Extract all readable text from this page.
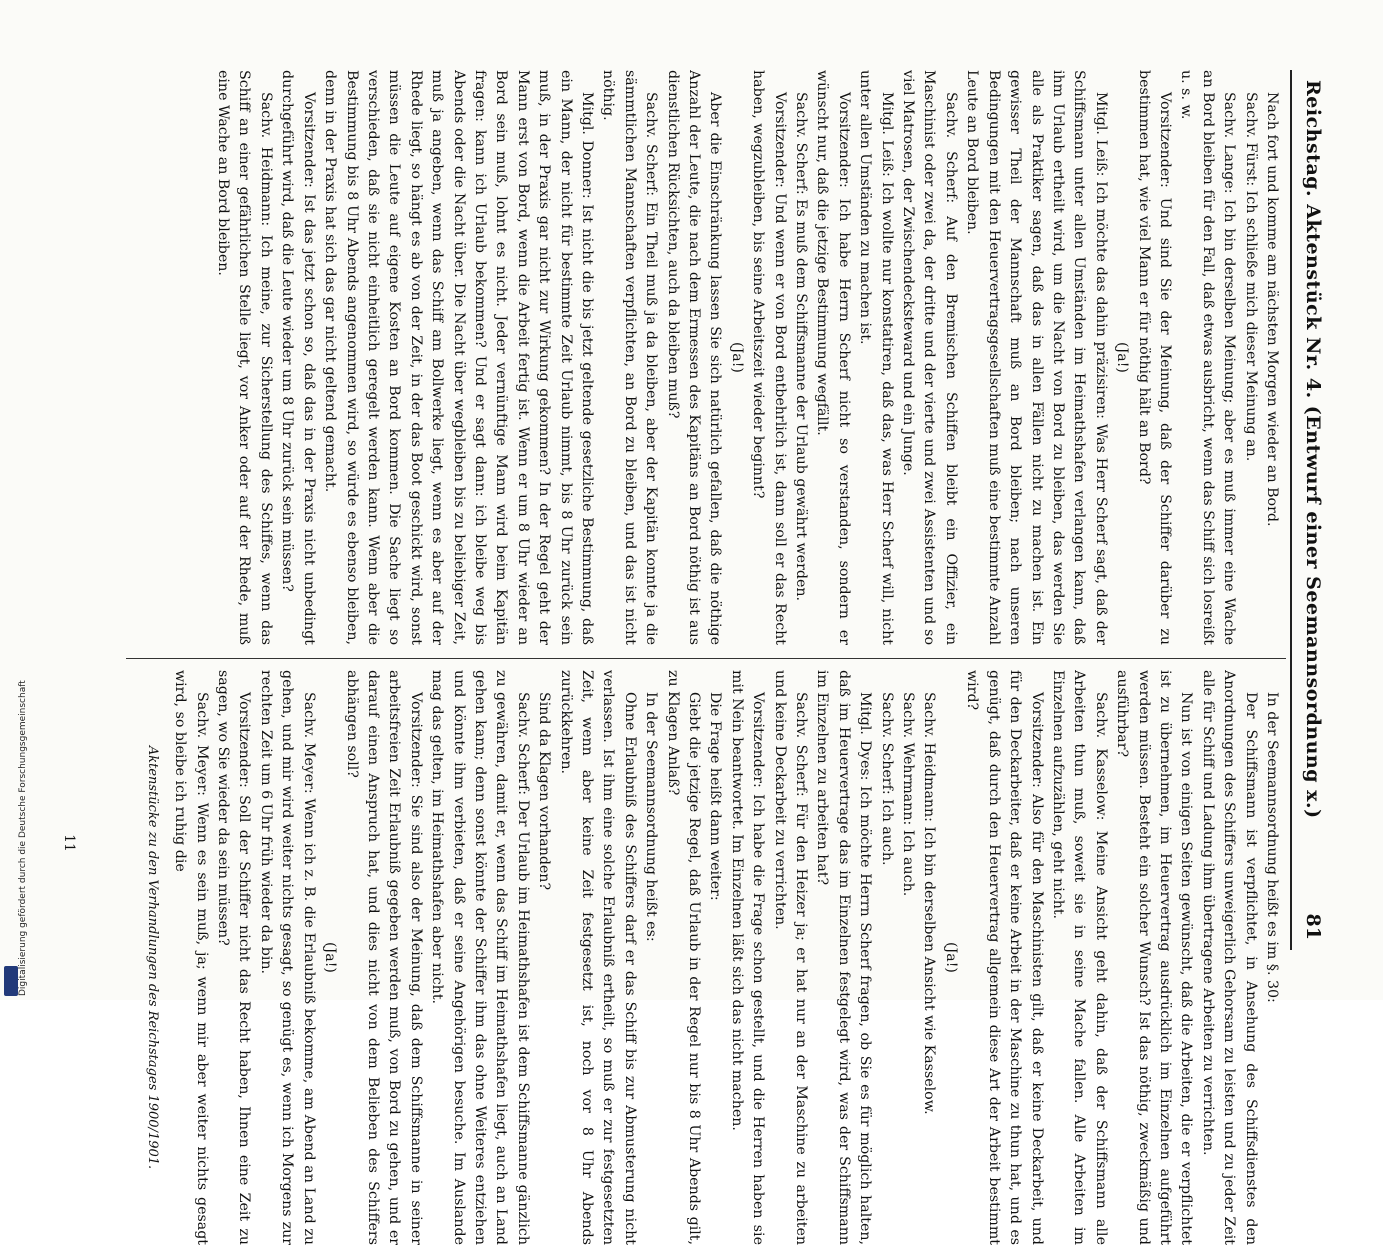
Digitalisierung gefördert durch die Deutsche Forschungsgemeinschaft
Reichstag. Aktenstück Nr. 4. (Entwurf einer Seemannsordnung x.)
81

Nach fort und komme am nächsten Morgen wieder an Bord.

Sachv. Fürst: Ich schließe mich dieser Meinung an.

Sachv. Lange: Ich bin derselben Meinung; aber es muß immer eine Wache an Bord bleiben für den Fall, daß etwas ausbricht, wenn das Schiff sich losreißt u. s. w.

Vorsitzender: Und sind Sie der Meinung, daß der Schiffer darüber zu bestimmen hat, wie viel Mann er für nöthig hält an Bord?

(Ja!)

Mitgl. Leiß: Ich möchte das dahin präzisiren: Was Herr Scherf sagt, daß der Schiffsmann unter allen Umständen im Heimathshafen verlangen kann, daß ihm Urlaub ertheilt wird, um die Nacht von Bord zu bleiben, das werden Sie alle als Praktiker sagen, daß das in allen Fällen nicht zu machen ist. Ein gewisser Theil der Mannschaft muß an Bord bleiben; nach unseren Bedingungen mit den Heuervertragsgesellschaften muß eine bestimmte Anzahl Leute an Bord bleiben.

Sachv. Scherf: Auf den Bremischen Schiffen bleibt ein Offizier, ein Maschinist oder zwei da, der dritte und der vierte und zwei Assistenten und so viel Matrosen, der Zwischendecksteward und ein Junge.

Mitgl. Leiß: Ich wollte nur konstatiren, daß das, was Herr Scherf will, nicht unter allen Umständen zu machen ist.

Vorsitzender: Ich habe Herrn Scherf nicht so verstanden, sondern er wünscht nur, daß die jetzige Bestimmung wegfällt.

Sachv. Scherf: Es muß dem Schiffsmanne der Urlaub gewährt werden.

Vorsitzender: Und wenn er von Bord entbehrlich ist, dann soll er das Recht haben, wegzubleiben, bis seine Arbeitszeit wieder beginnt?

(Ja!)

Aber die Einschränkung lassen Sie sich natürlich gefallen, daß die nöthige Anzahl der Leute, die nach dem Ermessen des Kapitäns an Bord nöthig ist aus dienstlichen Rücksichten, auch da bleiben muß?

Sachv. Scherf: Ein Theil muß ja da bleiben, aber der Kapitän konnte ja die sämmtlichen Mannschaften verpflichten, an Bord zu bleiben, und das ist nicht nöthig.

Mitgl. Donner: Ist nicht die bis jetzt geltende gesetzliche Bestimmung, daß ein Mann, der nicht für bestimmte Zeit Urlaub nimmt, bis 8 Uhr zurück sein muß, in der Praxis gar nicht zur Wirkung gekommen? In der Regel geht der Mann erst von Bord, wenn die Arbeit fertig ist. Wenn er um 8 Uhr wieder an Bord sein muß, lohnt es nicht. Jeder vernünftige Mann wird beim Kapitän fragen: kann ich Urlaub bekommen? Und er sagt dann: ich bleibe weg bis Abends oder die Nacht über. Die Nacht über wegbleiben bis zu beliebiger Zeit, muß ja angeben, wenn das Schiff am Bollwerke liegt, wenn es aber auf der Rhede liegt, so hängt es ab von der Zeit, in der das Boot geschickt wird, sonst müssen die Leute auf eigene Kosten an Bord kommen. Die Sache liegt so verschieden, daß sie nicht einheitlich geregelt werden kann. Wenn aber die Bestimmung bis 8 Uhr Abends angenommen wird, so würde es ebenso bleiben, denn in der Praxis hat sich das gar nicht geltend gemacht.

Vorsitzender: Ist das jetzt schon so, daß das in der Praxis nicht unbedingt durchgeführt wird, daß die Leute wieder um 8 Uhr zurück sein müssen?

Sachv. Heidmann: Ich meine, zur Sicherstellung des Schiffes, wenn das Schiff an einer gefährlichen Stelle liegt, vor Anker oder auf der Rhede, muß eine Wache an Bord bleiben.

In der Seemannsordnung heißt es im §. 30:

Der Schiffsmann ist verpflichtet, in Ansehung des Schiffsdienstes den Anordnungen des Schiffers unweigerlich Gehorsam zu leisten und zu jeder Zeit alle für Schiff und Ladung ihm übertragene Arbeiten zu verrichten.

Nun ist von einigen Seiten gewünscht, daß die Arbeiten, die er verpflichtet ist zu übernehmen, im Heuervertrag ausdrücklich im Einzelnen aufgeführt werden müssen. Besteht ein solcher Wunsch? Ist das nöthig, zweckmäßig und ausführbar?

Sachv. Kasselow: Meine Ansicht geht dahin, daß der Schiffsmann alle Arbeiten thun muß, soweit sie in seine Mache fallen. Alle Arbeiten im Einzelnen aufzuzählen, geht nicht.

Vorsitzender: Also für den Maschinisten gilt, daß er keine Deckarbeit, und für den Deckarbeiter, daß er keine Arbeit in der Maschine zu thun hat, und es genügt, daß durch den Heuervertrag allgemein diese Art der Arbeit bestimmt wird?

(Ja!)

Sachv. Heidmann: Ich bin derselben Ansicht wie Kasselow.

Sachv. Wehrmann: Ich auch.

Sachv. Scherf: Ich auch.

Mitgl. Dyes: Ich möchte Herrn Scherf fragen, ob Sie es für möglich halten, daß im Heuervertrage das im Einzelnen festgelegt wird, was der Schiffsmann im Einzelnen zu arbeiten hat?

Sachv. Scherf: Für den Heizer ja; er hat nur an der Maschine zu arbeiten und keine Deckarbeit zu verrichten.

Vorsitzender: Ich habe die Frage schon gestellt, und die Herren haben sie mit Nein beantwortet. Im Einzelnen läßt sich das nicht machen.

Die Frage heißt dann weiter:

Giebt die jetzige Regel, daß Urlaub in der Regel nur bis 8 Uhr Abends gilt, zu Klagen Anlaß?

In der Seemannsordnung heißt es:

Ohne Erlaubniß des Schiffers darf er das Schiff bis zur Abmusterung nicht verlassen. Ist ihm eine solche Erlaubniß ertheilt, so muß er zur festgesetzten Zeit, wenn aber keine Zeit festgesetzt ist, noch vor 8 Uhr Abends zurückkehren.

Sind da Klagen vorhanden?

Sachv. Scherf: Der Urlaub im Heimathshafen ist dem Schiffsmanne gänzlich zu gewähren, damit er, wenn das Schiff im Heimathshafen liegt, auch an Land gehen kann; denn sonst könnte der Schiffer ihm das ohne Weiteres entziehen und könnte ihm verbieten, daß er seine Angehörigen besuche. Im Auslande mag das gelten, im Heimathshafen aber nicht.

Vorsitzender: Sie sind also der Meinung, daß dem Schiffsmanne in seiner arbeitsfreien Zeit Erlaubniß gegeben werden muß, von Bord zu gehen, und er darauf einen Anspruch hat, und dies nicht von dem Belieben des Schiffers abhängen soll?

(Ja!)

Sachv. Meyer: Wenn ich z. B. die Erlaubniß bekomme, am Abend an Land zu gehen, und mir wird weiter nichts gesagt, so genügt es, wenn ich Morgens zur rechten Zeit um 6 Uhr früh wieder da bin.

Vorsitzender: Soll der Schiffer nicht das Recht haben, Ihnen eine Zeit zu sagen, wo Sie wieder da sein müssen?

Sachv. Meyer: Wenn es sein muß, ja; wenn mir aber weiter nichts gesagt wird, so bleibe ich ruhig die

Aktenstücke zu den Verhandlungen des Reichstages 1900/1901.
11
